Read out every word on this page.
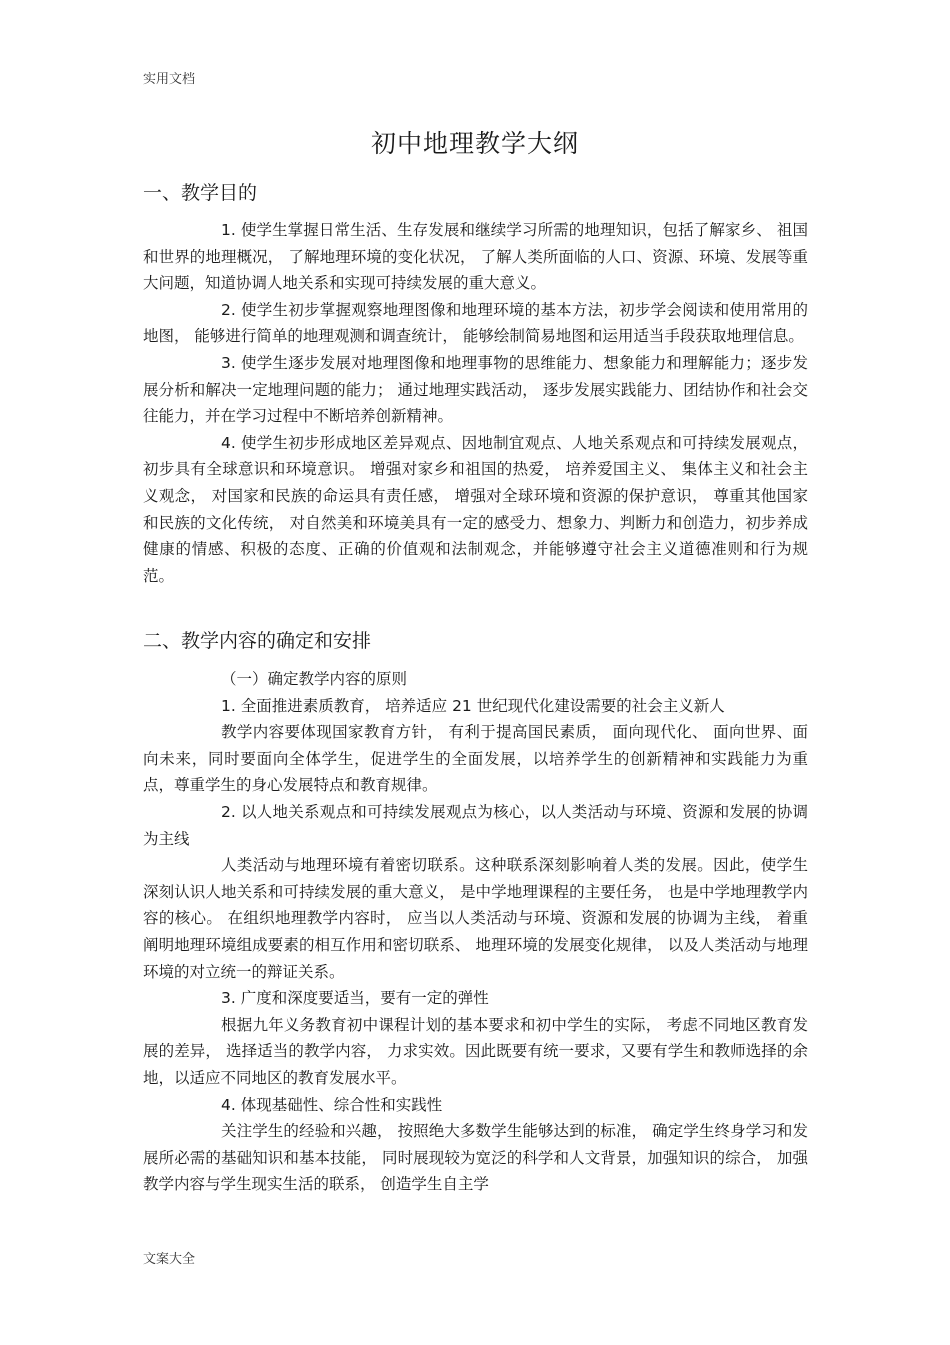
实用文档
初中地理教学大纲
一、教学目的

1. 使学生掌握日常生活、生存发展和继续学习所需的地理知识，包括了解家乡、 祖国和世界的地理概况， 了解地理环境的变化状况， 了解人类所面临的人口、资源、环境、发展等重大问题，知道协调人地关系和实现可持续发展的重大意义。

2. 使学生初步掌握观察地理图像和地理环境的基本方法，初步学会阅读和使用常用的地图， 能够进行简单的地理观测和调查统计， 能够绘制简易地图和运用适当手段获取地理信息。

3. 使学生逐步发展对地理图像和地理事物的思维能力、想象能力和理解能力；逐步发展分析和解决一定地理问题的能力； 通过地理实践活动， 逐步发展实践能力、团结协作和社会交往能力，并在学习过程中不断培养创新精神。

4. 使学生初步形成地区差异观点、因地制宜观点、人地关系观点和可持续发展观点， 初步具有全球意识和环境意识。 增强对家乡和祖国的热爱， 培养爱国主义、 集体主义和社会主义观念， 对国家和民族的命运具有责任感， 增强对全球环境和资源的保护意识， 尊重其他国家和民族的文化传统， 对自然美和环境美具有一定的感受力、想象力、判断力和创造力，初步养成健康的情感、积极的态度、正确的价值观和法制观念，并能够遵守社会主义道德准则和行为规范。

二、教学内容的确定和安排

（一）确定教学内容的原则

1. 全面推进素质教育， 培养适应 21 世纪现代化建设需要的社会主义新人

教学内容要体现国家教育方针， 有利于提高国民素质， 面向现代化、 面向世界、面向未来，同时要面向全体学生，促进学生的全面发展，以培养学生的创新精神和实践能力为重点，尊重学生的身心发展特点和教育规律。

2. 以人地关系观点和可持续发展观点为核心，以人类活动与环境、资源和发展的协调为主线

人类活动与地理环境有着密切联系。这种联系深刻影响着人类的发展。因此，使学生深刻认识人地关系和可持续发展的重大意义， 是中学地理课程的主要任务， 也是中学地理教学内容的核心。 在组织地理教学内容时， 应当以人类活动与环境、资源和发展的协调为主线， 着重阐明地理环境组成要素的相互作用和密切联系、 地理环境的发展变化规律， 以及人类活动与地理环境的对立统一的辩证关系。

3. 广度和深度要适当，要有一定的弹性

根据九年义务教育初中课程计划的基本要求和初中学生的实际， 考虑不同地区教育发展的差异， 选择适当的教学内容， 力求实效。因此既要有统一要求，又要有学生和教师选择的余地，以适应不同地区的教育发展水平。

4. 体现基础性、综合性和实践性

关注学生的经验和兴趣， 按照绝大多数学生能够达到的标准， 确定学生终身学习和发展所必需的基础知识和基本技能， 同时展现较为宽泛的科学和人文背景，加强知识的综合， 加强教学内容与学生现实生活的联系， 创造学生自主学

文案大全
